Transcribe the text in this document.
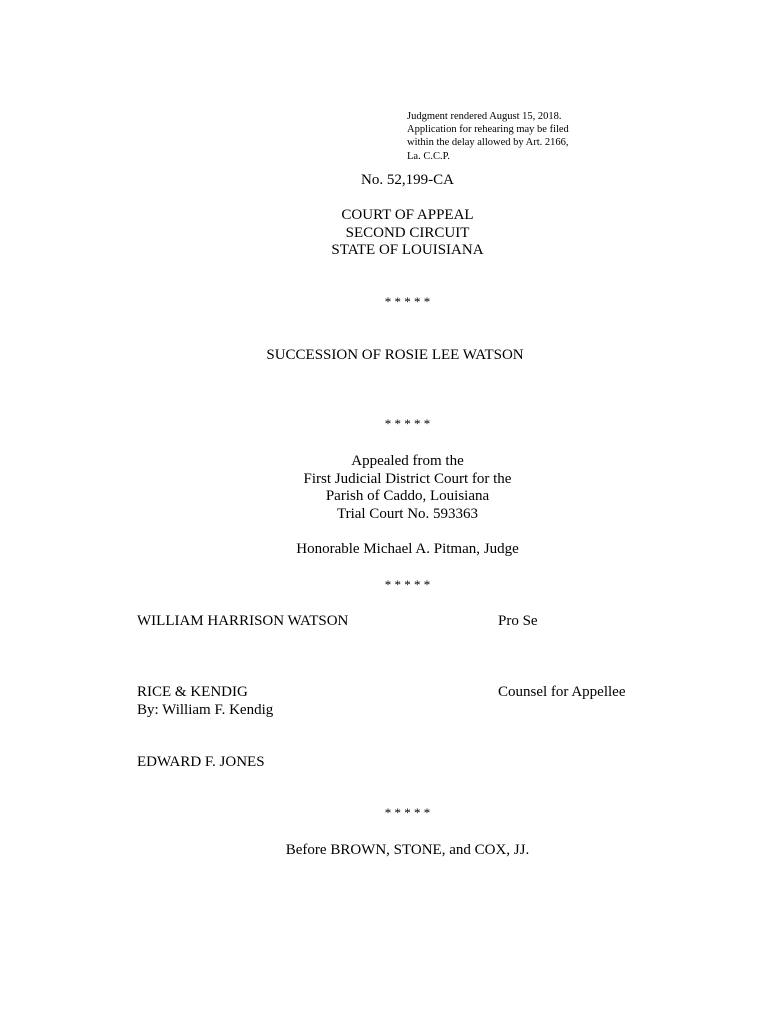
Judgment rendered August 15, 2018.
Application for rehearing may be filed
within the delay allowed by Art. 2166,
La. C.C.P.
No. 52,199-CA
COURT OF APPEAL
SECOND CIRCUIT
STATE OF LOUISIANA
* * * * *
SUCCESSION OF ROSIE LEE WATSON
* * * * *
Appealed from the
First Judicial District Court for the
Parish of Caddo, Louisiana
Trial Court No. 593363
Honorable Michael A. Pitman, Judge
* * * * *
WILLIAM HARRISON WATSON	Pro Se
RICE & KENDIG
By: William F. Kendig
Counsel for Appellee
EDWARD F. JONES
* * * * *
Before BROWN, STONE, and COX, JJ.
